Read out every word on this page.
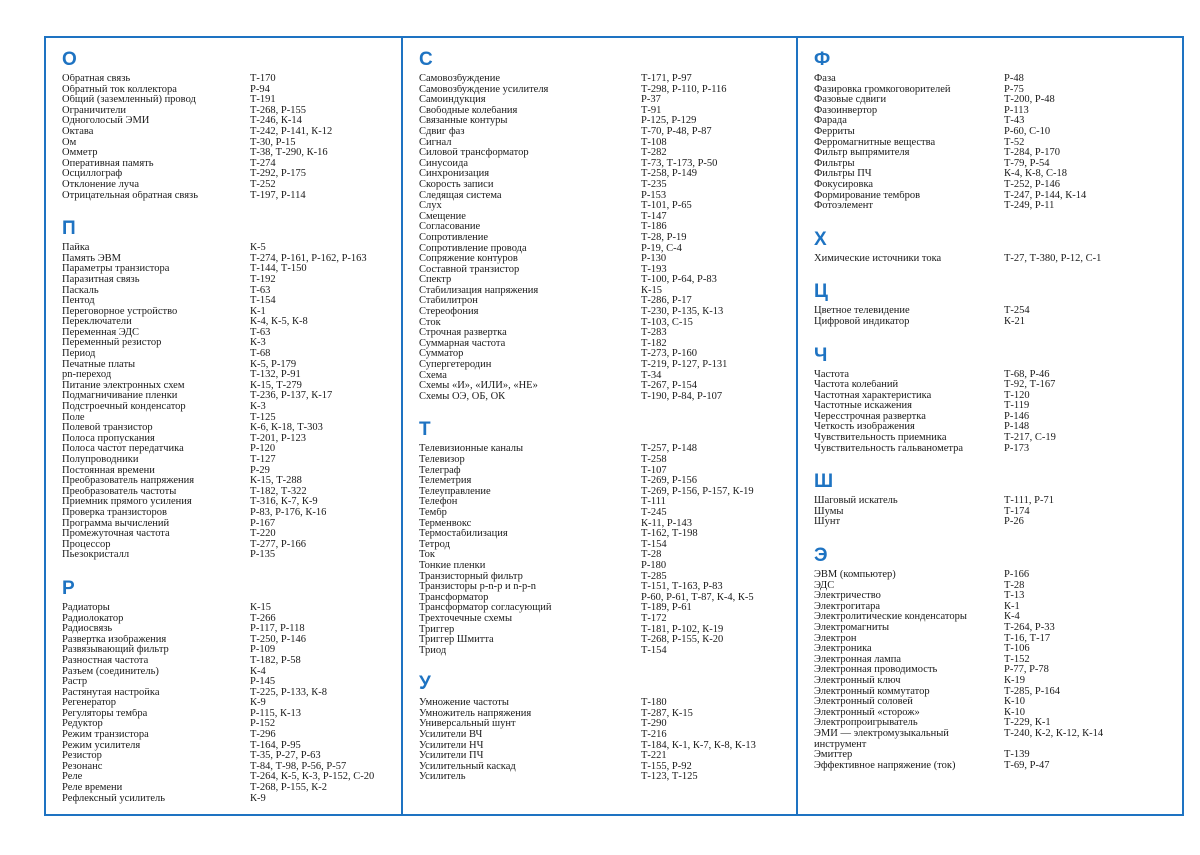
О
Обратная связь	Т-170
Обратный ток коллектора	Р-94
Общий (заземленный) провод	Т-191
Ограничители	Т-268, Р-155
Одноголосый ЭМИ	Т-246, К-14
Октава	Т-242, Р-141, К-12
Ом	Т-30, Р-15
Омметр	Т-38, Т-290, К-16
Оперативная память	Т-274
Осциллограф	Т-292, Р-175
Отклонение луча	Т-252
Отрицательная обратная связь	Т-197, Р-114
П
Пайка	К-5
Память ЭВМ	Т-274, Р-161, Р-162, Р-163
Параметры транзистора	Т-144, Т-150
Паразитная связь	Т-192
Паскаль	Т-63
Пентод	Т-154
Переговорное устройство	К-1
Переключатели	К-4, К-5, К-8
Переменная ЭДС	Т-63
Переменный резистор	К-3
Период	Т-68
Печатные платы	К-5, Р-179
pn-переход	Т-132, Р-91
Питание электронных схем	К-15, Т-279
Подмагничивание пленки	Т-236, Р-137, К-17
Подстроечный конденсатор	К-3
Поле	Т-125
Полевой транзистор	К-6, К-18, Т-303
Полоса пропускания	Т-201, Р-123
Полоса частот передатчика	Р-120
Полупроводники	Т-127
Постоянная времени	Р-29
Преобразователь напряжения	К-15, Т-288
Преобразователь частоты	Т-182, Т-322
Приемник прямого усиления	Т-316, К-7, К-9
Проверка транзисторов	Р-83, Р-176, К-16
Программа вычислений	Р-167
Промежуточная частота	Т-220
Процессор	Т-277, Р-166
Пьезокристалл	Р-135
Р
Радиаторы	К-15
Радиолокатор	Т-266
Радиосвязь	Р-117, Р-118
Развертка изображения	Т-250, Р-146
Развязывающий фильтр	Р-109
Разностная частота	Т-182, Р-58
Разъем (соединитель)	К-4
Растр	Р-145
Растянутая настройка	Т-225, Р-133, К-8
Регенератор	К-9
Регуляторы тембра	Р-115, К-13
Редуктор	Р-152
Режим транзистора	Т-296
Режим усилителя	Т-164, Р-95
Резистор	Т-35, Р-27, Р-63
Резонанс	Т-84, Т-98, Р-56, Р-57
Реле	Т-264, К-5, К-3, Р-152, С-20
Реле времени	Т-268, Р-155, К-2
Рефлексный усилитель	К-9
С
Самовозбуждение	Т-171, Р-97
Самовозбуждение усилителя	Т-298, Р-110, Р-116
Самоиндукция	Р-37
Свободные колебания	Т-91
Связанные контуры	Р-125, Р-129
Сдвиг фаз	Т-70, Р-48, Р-87
Сигнал	Т-108
Силовой трансформатор	Т-282
Синусоида	Т-73, Т-173, Р-50
Синхронизация	Т-258, Р-149
Скорость записи	Т-235
Следящая система	Р-153
Слух	Т-101, Р-65
Смещение	Т-147
Согласование	Т-186
Сопротивление	Т-28, Р-19
Сопротивление провода	Р-19, С-4
Сопряжение контуров	Р-130
Составной транзистор	Т-193
Спектр	Т-100, Р-64, Р-83
Стабилизация напряжения	К-15
Стабилитрон	Т-286, Р-17
Стереофония	Т-230, Р-135, К-13
Сток	Т-103, С-15
Строчная развертка	Т-283
Суммарная частота	Т-182
Сумматор	Т-273, Р-160
Супергетеродин	Т-219, Р-127, Р-131
Схема	Т-34
Схемы «И», «ИЛИ», «НЕ»	Т-267, Р-154
Схемы ОЭ, ОБ, ОК	Т-190, Р-84, Р-107
Т
Телевизионные каналы	Т-257, Р-148
Телевизор	Т-258
Телеграф	Т-107
Телеметрия	Т-269, Р-156
Телеуправление	Т-269, Р-156, Р-157, К-19
Телефон	Т-111
Тембр	Т-245
Терменвокс	К-11, Р-143
Термостабилизация	Т-162, Т-198
Тетрод	Т-154
Ток	Т-28
Тонкие пленки	Р-180
Транзисторный фильтр	Т-285
Транзисторы p-n-p и n-p-n	Т-151, Т-163, Р-83
Трансформатор	Р-60, Р-61, Т-87, К-4, К-5
Трансформатор согласующий	Т-189, Р-61
Трехточечные схемы	Т-172
Триггер	Т-181, Р-102, К-19
Триггер Шмитта	Т-268, Р-155, К-20
Триод	Т-154
У
Умножение частоты	Т-180
Умножитель напряжения	Т-287, К-15
Универсальный шунт	Т-290
Усилители ВЧ	Т-216
Усилители НЧ	Т-184, К-1, К-7, К-8, К-13
Усилители ПЧ	Т-221
Усилительный каскад	Т-155, Р-92
Усилитель	Т-123, Т-125
Ф
Фаза	Р-48
Фазировка громкоговорителей	Р-75
Фазовые сдвиги	Т-200, Р-48
Фазоинвертор	Р-113
Фарада	Т-43
Ферриты	Р-60, С-10
Ферромагнитные вещества	Т-52
Фильтр выпрямителя	Т-284, Р-170
Фильтры	Т-79, Р-54
Фильтры ПЧ	К-4, К-8, С-18
Фокусировка	Т-252, Р-146
Формирование тембров	Т-247, Р-144, К-14
Фотоэлемент	Т-249, Р-11
Х
Химические источники тока	Т-27, Т-380, Р-12, С-1
Ц
Цветное телевидение	Т-254
Цифровой индикатор	К-21
Ч
Частота	Т-68, Р-46
Частота колебаний	Т-92, Т-167
Частотная характеристика	Т-120
Частотные искажения	Т-119
Чересстрочная развертка	Р-146
Четкость изображения	Р-148
Чувствительность приемника	Т-217, С-19
Чувствительность гальванометра	Р-173
Ш
Шаговый искатель	Т-111, Р-71
Шумы	Т-174
Шунт	Р-26
Э
ЭВМ (компьютер)	Р-166
ЭДС	Т-28
Электричество	Т-13
Электрогитара	К-1
Электролитические конденсаторы	К-4
Электромагниты	Т-264, Р-33
Электрон	Т-16, Т-17
Электроника	Т-106
Электронная лампа	Т-152
Электронная проводимость	Р-77, Р-78
Электронный ключ	К-19
Электронный коммутатор	Т-285, Р-164
Электронный соловей	К-10
Электронный «сторож»	К-10
Электропроигрыватель	Т-229, К-1
ЭМИ — электромузыкальный	Т-240, К-2, К-12, К-14
инструмент
Эмиттер	Т-139
Эффективное напряжение (ток)	Т-69, Р-47
